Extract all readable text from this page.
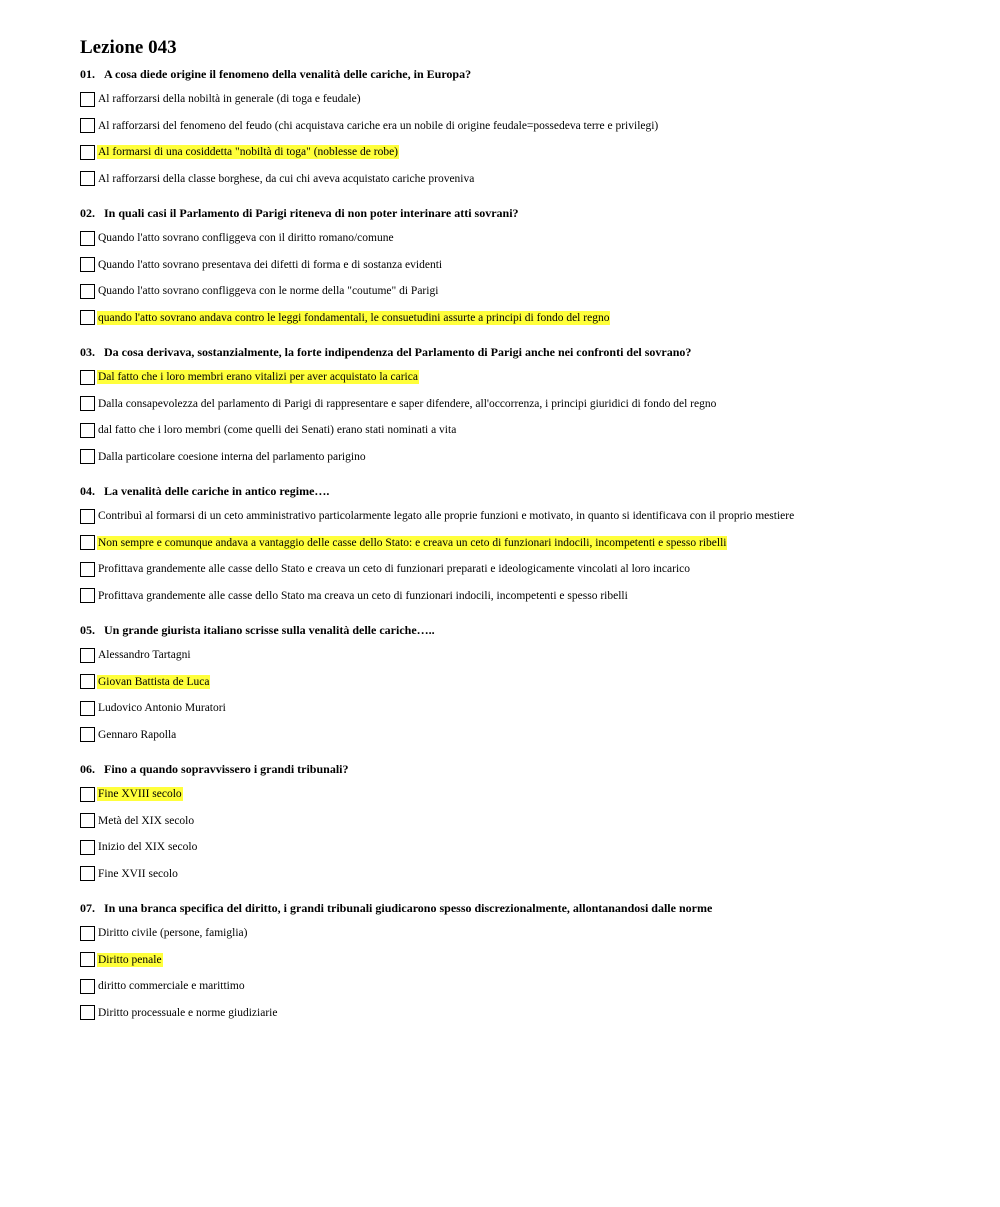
Lezione 043
01. A cosa diede origine il fenomeno della venalità delle cariche, in Europa?
Al rafforzarsi della nobiltà in generale (di toga e feudale)
Al rafforzarsi del fenomeno del feudo (chi acquistava cariche era un nobile di origine feudale=possedeva terre e privilegi)
Al formarsi di una cosiddetta "nobiltà di toga" (noblesse de robe)
Al rafforzarsi della classe borghese, da cui chi aveva acquistato cariche proveniva
02. In quali casi il Parlamento di Parigi riteneva di non poter interinare atti sovrani?
Quando l'atto sovrano confliggeva con il diritto romano/comune
Quando l'atto sovrano presentava dei difetti di forma e di sostanza evidenti
Quando l'atto sovrano confliggeva con le norme della "coutume" di Parigi
quando l'atto sovrano andava contro le leggi fondamentali, le consuetudini assurte a principi di fondo del regno
03. Da cosa derivava, sostanzialmente, la forte indipendenza del Parlamento di Parigi anche nei confronti del sovrano?
Dal fatto che i loro membri erano vitalizi per aver acquistato la carica
Dalla consapevolezza del parlamento di Parigi di rappresentare e saper difendere, all'occorrenza, i principi giuridici di fondo del regno
dal fatto che i loro membri (come quelli dei Senati) erano stati nominati a vita
Dalla particolare coesione interna del parlamento parigino
04. La venalità delle cariche in antico regime….
Contribuì al formarsi di un ceto amministrativo particolarmente legato alle proprie funzioni e motivato, in quanto si identificava con il proprio mestiere
Non sempre e comunque andava a vantaggio delle casse dello Stato: e creava un ceto di funzionari indocili, incompetenti e spesso ribelli
Profittava grandemente alle casse dello Stato e creava un ceto di funzionari preparati e ideologicamente vincolati al loro incarico
Profittava grandemente alle casse dello Stato ma creava un ceto di funzionari indocili, incompetenti e spesso ribelli
05. Un grande giurista italiano scrisse sulla venalità delle cariche…..
Alessandro Tartagni
Giovan Battista de Luca
Ludovico Antonio Muratori
Gennaro Rapolla
06. Fino a quando sopravvissero i grandi tribunali?
Fine XVIII secolo
Metà del XIX secolo
Inizio del XIX secolo
Fine XVII secolo
07. In una branca specifica del diritto, i grandi tribunali giudicarono spesso discrezionalmente, allontanandosi dalle norme
Diritto civile (persone, famiglia)
Diritto penale
diritto commerciale e marittimo
Diritto processuale e norme giudiziarie
